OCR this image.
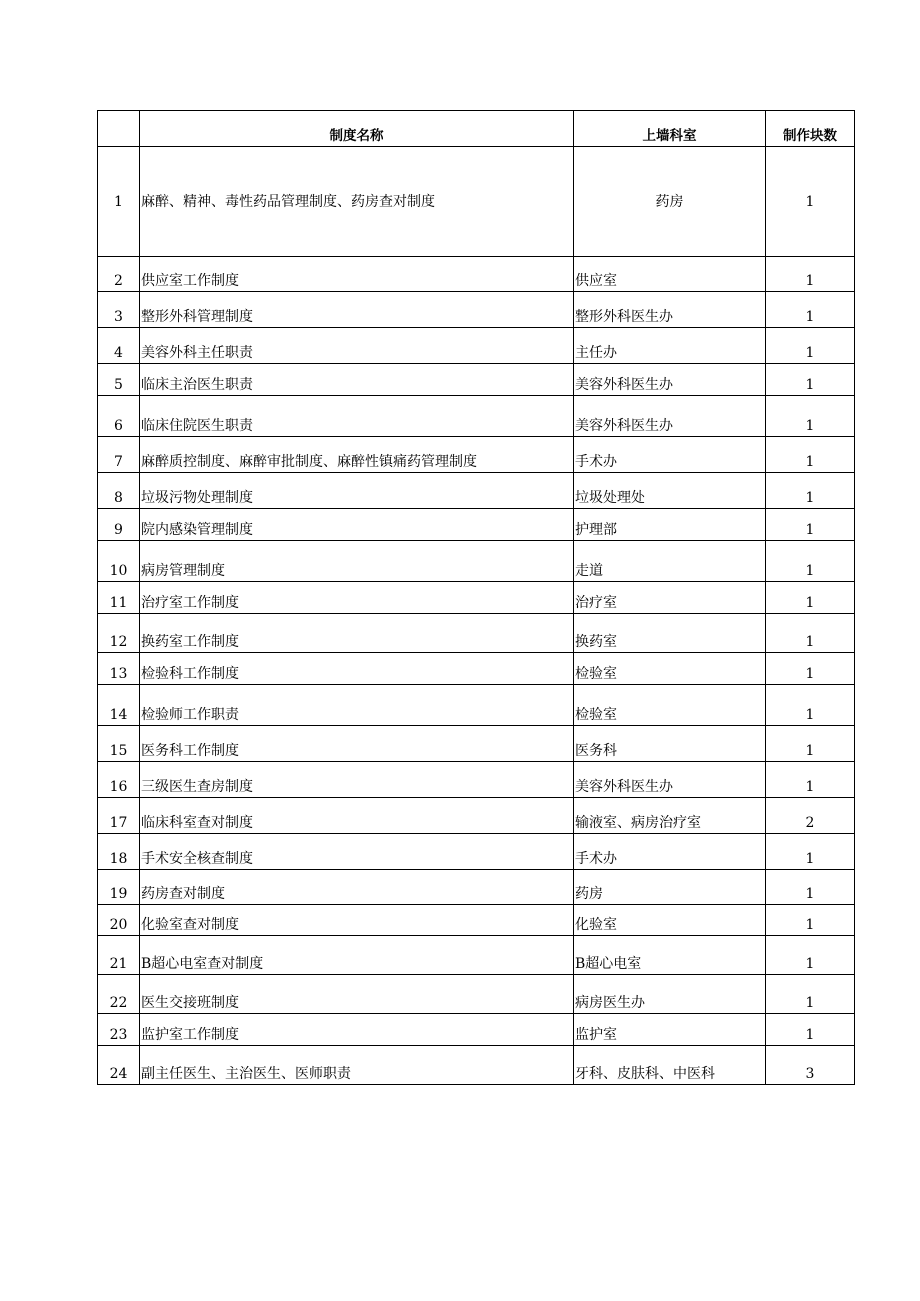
	制度名称	上墙科室	制作块数
1	麻醉、精神、毒性药品管理制度、药房查对制度	药房	1
2	供应室工作制度	供应室	1
3	整形外科管理制度	整形外科医生办	1
4	美容外科主任职责	主任办	1
5	临床主治医生职责	美容外科医生办	1
6	临床住院医生职责	美容外科医生办	1
7	麻醉质控制度、麻醉审批制度、麻醉性镇痛药管理制度	手术办	1
8	垃圾污物处理制度	垃圾处理处	1
9	院内感染管理制度	护理部	1
10	病房管理制度	走道	1
11	治疗室工作制度	治疗室	1
12	换药室工作制度	换药室	1
13	检验科工作制度	检验室	1
14	检验师工作职责	检验室	1
15	医务科工作制度	医务科	1
16	三级医生查房制度	美容外科医生办	1
17	临床科室查对制度	输液室、病房治疗室	2
18	手术安全核查制度	手术办	1
19	药房查对制度	药房	1
20	化验室查对制度	化验室	1
21	B超心电室查对制度	B超心电室	1
22	医生交接班制度	病房医生办	1
23	监护室工作制度	监护室	1
24	副主任医生、主治医生、医师职责	牙科、皮肤科、中医科	3
